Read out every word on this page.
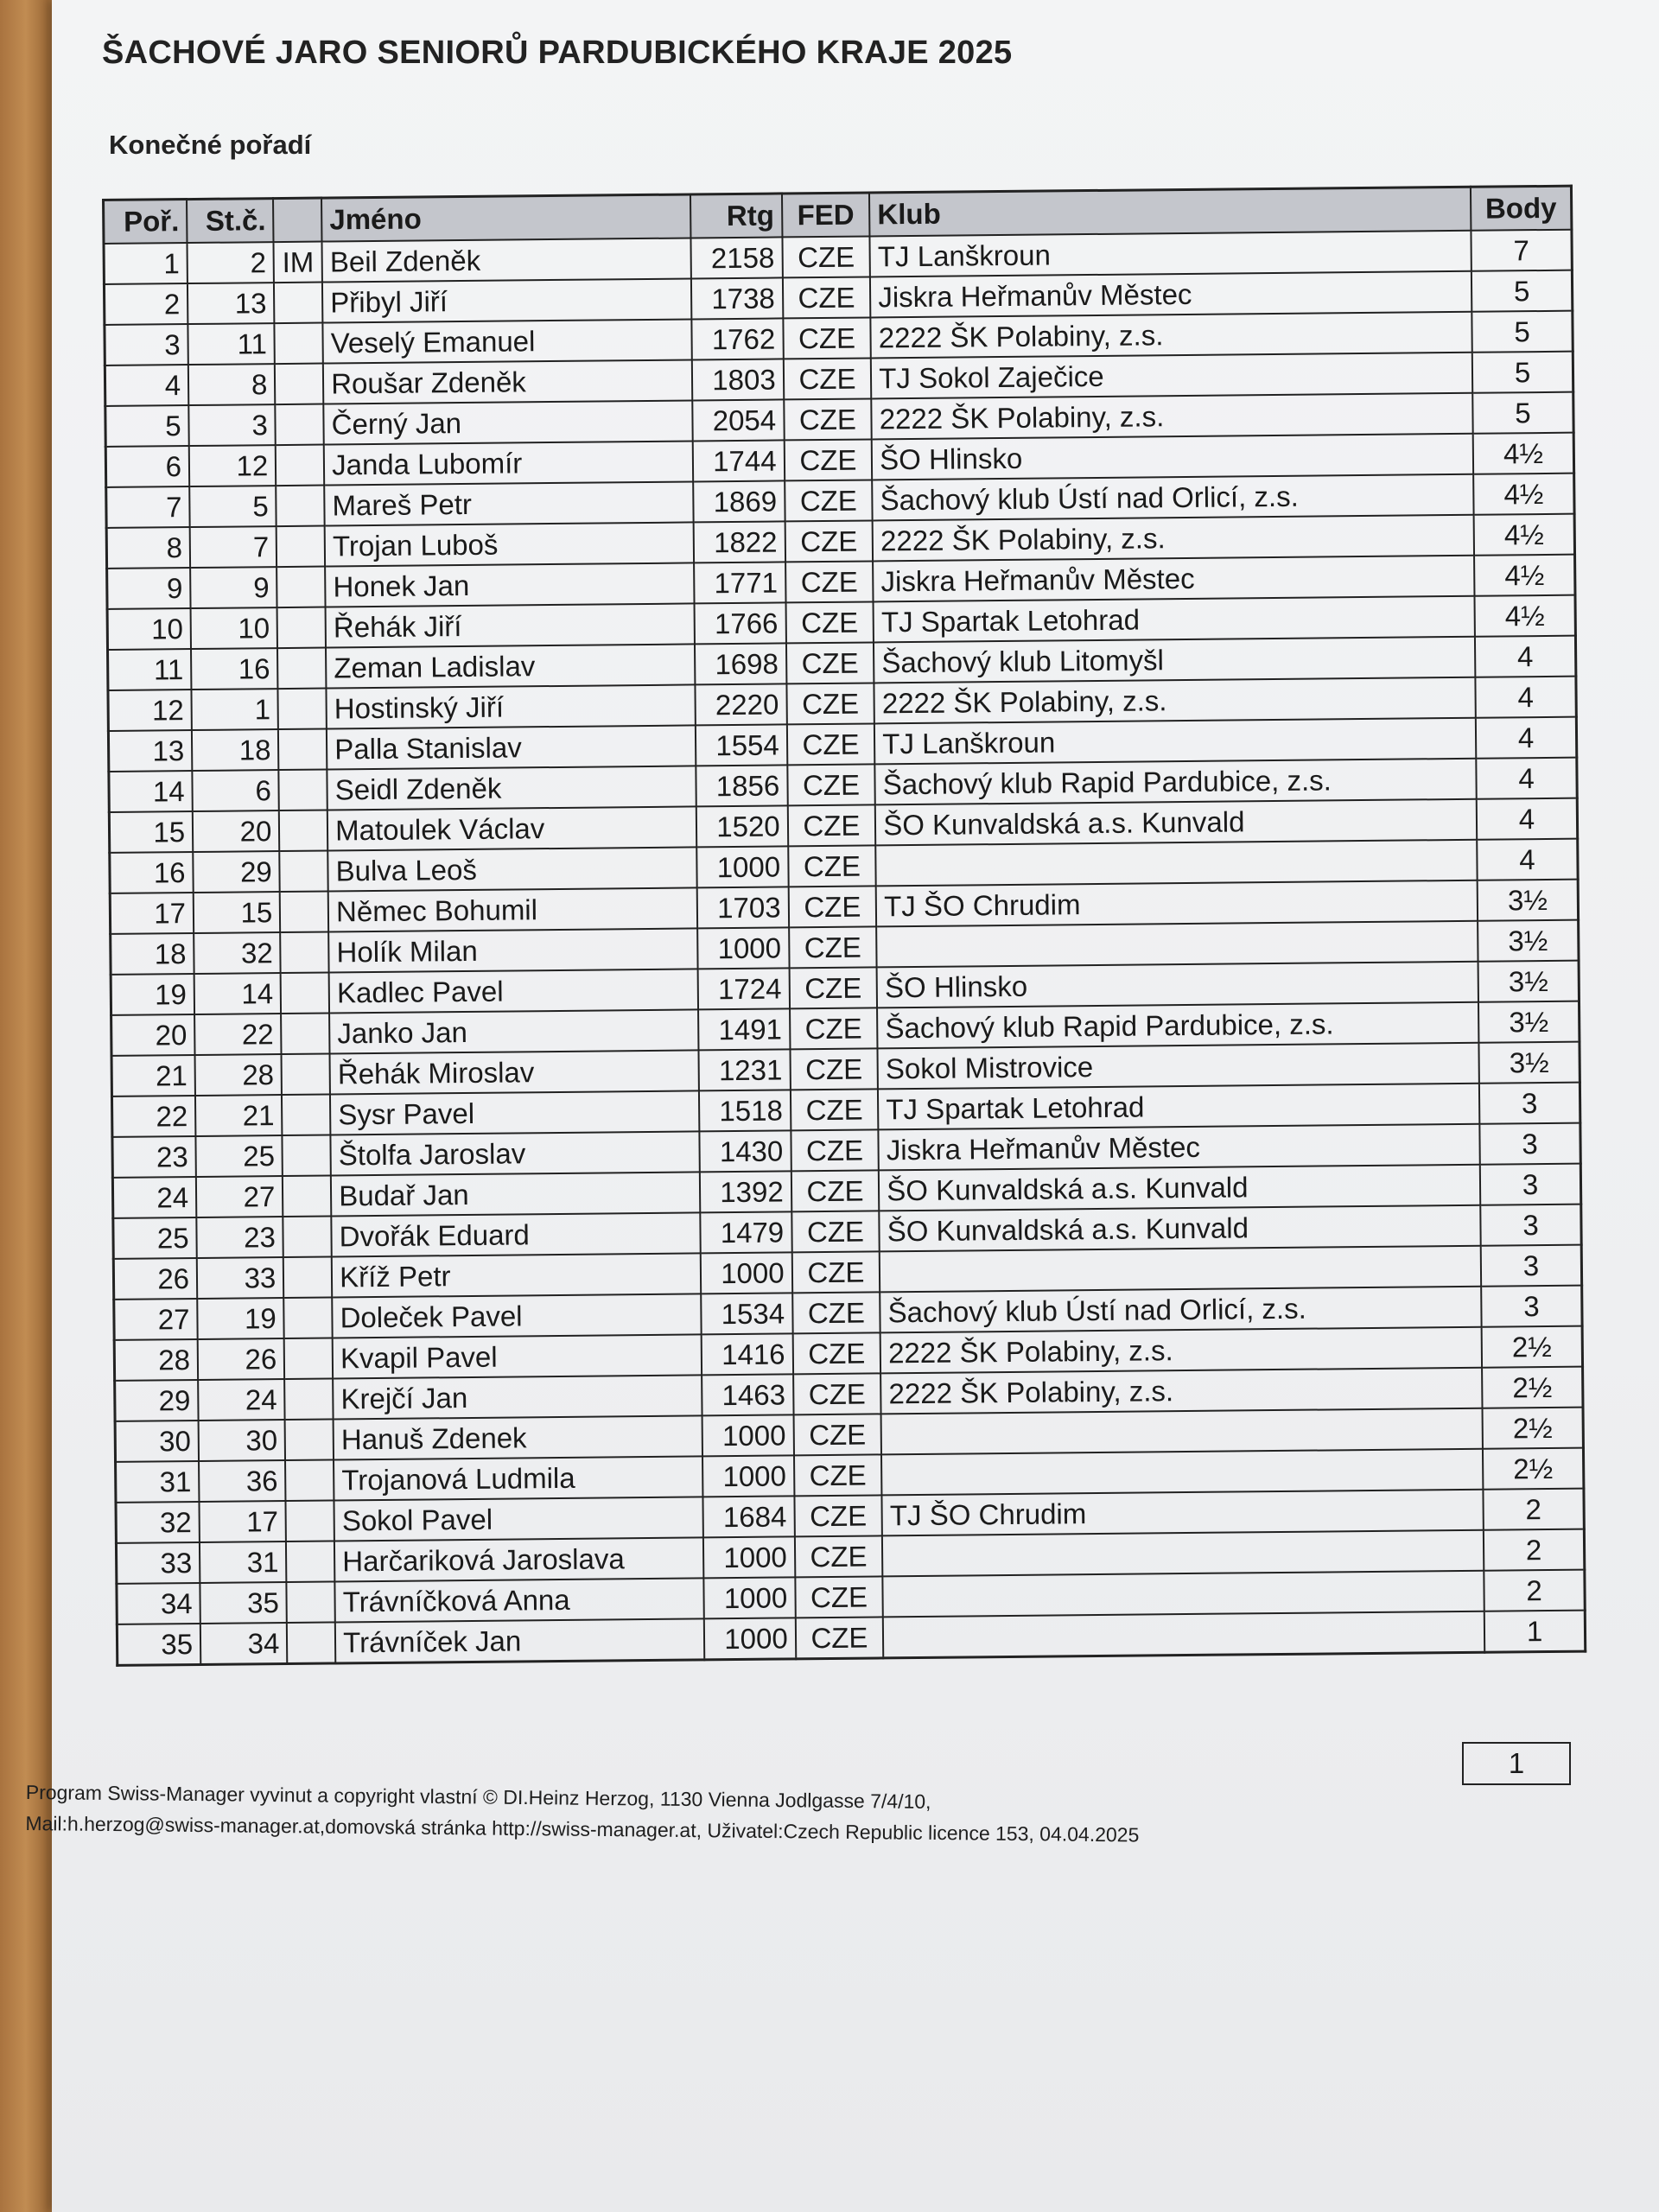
ŠACHOVÉ JARO SENIORŮ PARDUBICKÉHO KRAJE 2025
Konečné pořadí
Poř.	St.č.		Jméno	Rtg	FED	Klub	Body
1	2	IM	Beil Zdeněk	2158	CZE	TJ Lanškroun	7
2	13		Přibyl Jiří	1738	CZE	Jiskra Heřmanův Městec	5
3	11		Veselý Emanuel	1762	CZE	2222 ŠK Polabiny, z.s.	5
4	8		Roušar Zdeněk	1803	CZE	TJ Sokol Zaječice	5
5	3		Černý Jan	2054	CZE	2222 ŠK Polabiny, z.s.	5
6	12		Janda Lubomír	1744	CZE	ŠO Hlinsko	4½
7	5		Mareš Petr	1869	CZE	Šachový klub Ústí nad Orlicí, z.s.	4½
8	7		Trojan Luboš	1822	CZE	2222 ŠK Polabiny, z.s.	4½
9	9		Honek Jan	1771	CZE	Jiskra Heřmanův Městec	4½
10	10		Řehák Jiří	1766	CZE	TJ Spartak Letohrad	4½
11	16		Zeman Ladislav	1698	CZE	Šachový klub Litomyšl	4
12	1		Hostinský Jiří	2220	CZE	2222 ŠK Polabiny, z.s.	4
13	18		Palla Stanislav	1554	CZE	TJ Lanškroun	4
14	6		Seidl Zdeněk	1856	CZE	Šachový klub Rapid Pardubice, z.s.	4
15	20		Matoulek Václav	1520	CZE	ŠO Kunvaldská a.s. Kunvald	4
16	29		Bulva Leoš	1000	CZE		4
17	15		Němec Bohumil	1703	CZE	TJ ŠO Chrudim	3½
18	32		Holík Milan	1000	CZE		3½
19	14		Kadlec Pavel	1724	CZE	ŠO Hlinsko	3½
20	22		Janko Jan	1491	CZE	Šachový klub Rapid Pardubice, z.s.	3½
21	28		Řehák Miroslav	1231	CZE	Sokol Mistrovice	3½
22	21		Sysr Pavel	1518	CZE	TJ Spartak Letohrad	3
23	25		Štolfa Jaroslav	1430	CZE	Jiskra Heřmanův Městec	3
24	27		Budař Jan	1392	CZE	ŠO Kunvaldská a.s. Kunvald	3
25	23		Dvořák Eduard	1479	CZE	ŠO Kunvaldská a.s. Kunvald	3
26	33		Kříž Petr	1000	CZE		3
27	19		Doleček Pavel	1534	CZE	Šachový klub Ústí nad Orlicí, z.s.	3
28	26		Kvapil Pavel	1416	CZE	2222 ŠK Polabiny, z.s.	2½
29	24		Krejčí Jan	1463	CZE	2222 ŠK Polabiny, z.s.	2½
30	30		Hanuš Zdenek	1000	CZE		2½
31	36		Trojanová Ludmila	1000	CZE		2½
32	17		Sokol Pavel	1684	CZE	TJ ŠO Chrudim	2
33	31		Harčariková Jaroslava	1000	CZE		2
34	35		Trávníčková Anna	1000	CZE		2
35	34		Trávníček Jan	1000	CZE		1
1
Program Swiss-Manager vyvinut a copyright vlastní © DI.Heinz Herzog, 1130 Vienna Jodlgasse 7/4/10,
Mail:h.herzog@swiss-manager.at,domovská stránka http://swiss-manager.at, Uživatel:Czech Republic licence 153, 04.04.2025
